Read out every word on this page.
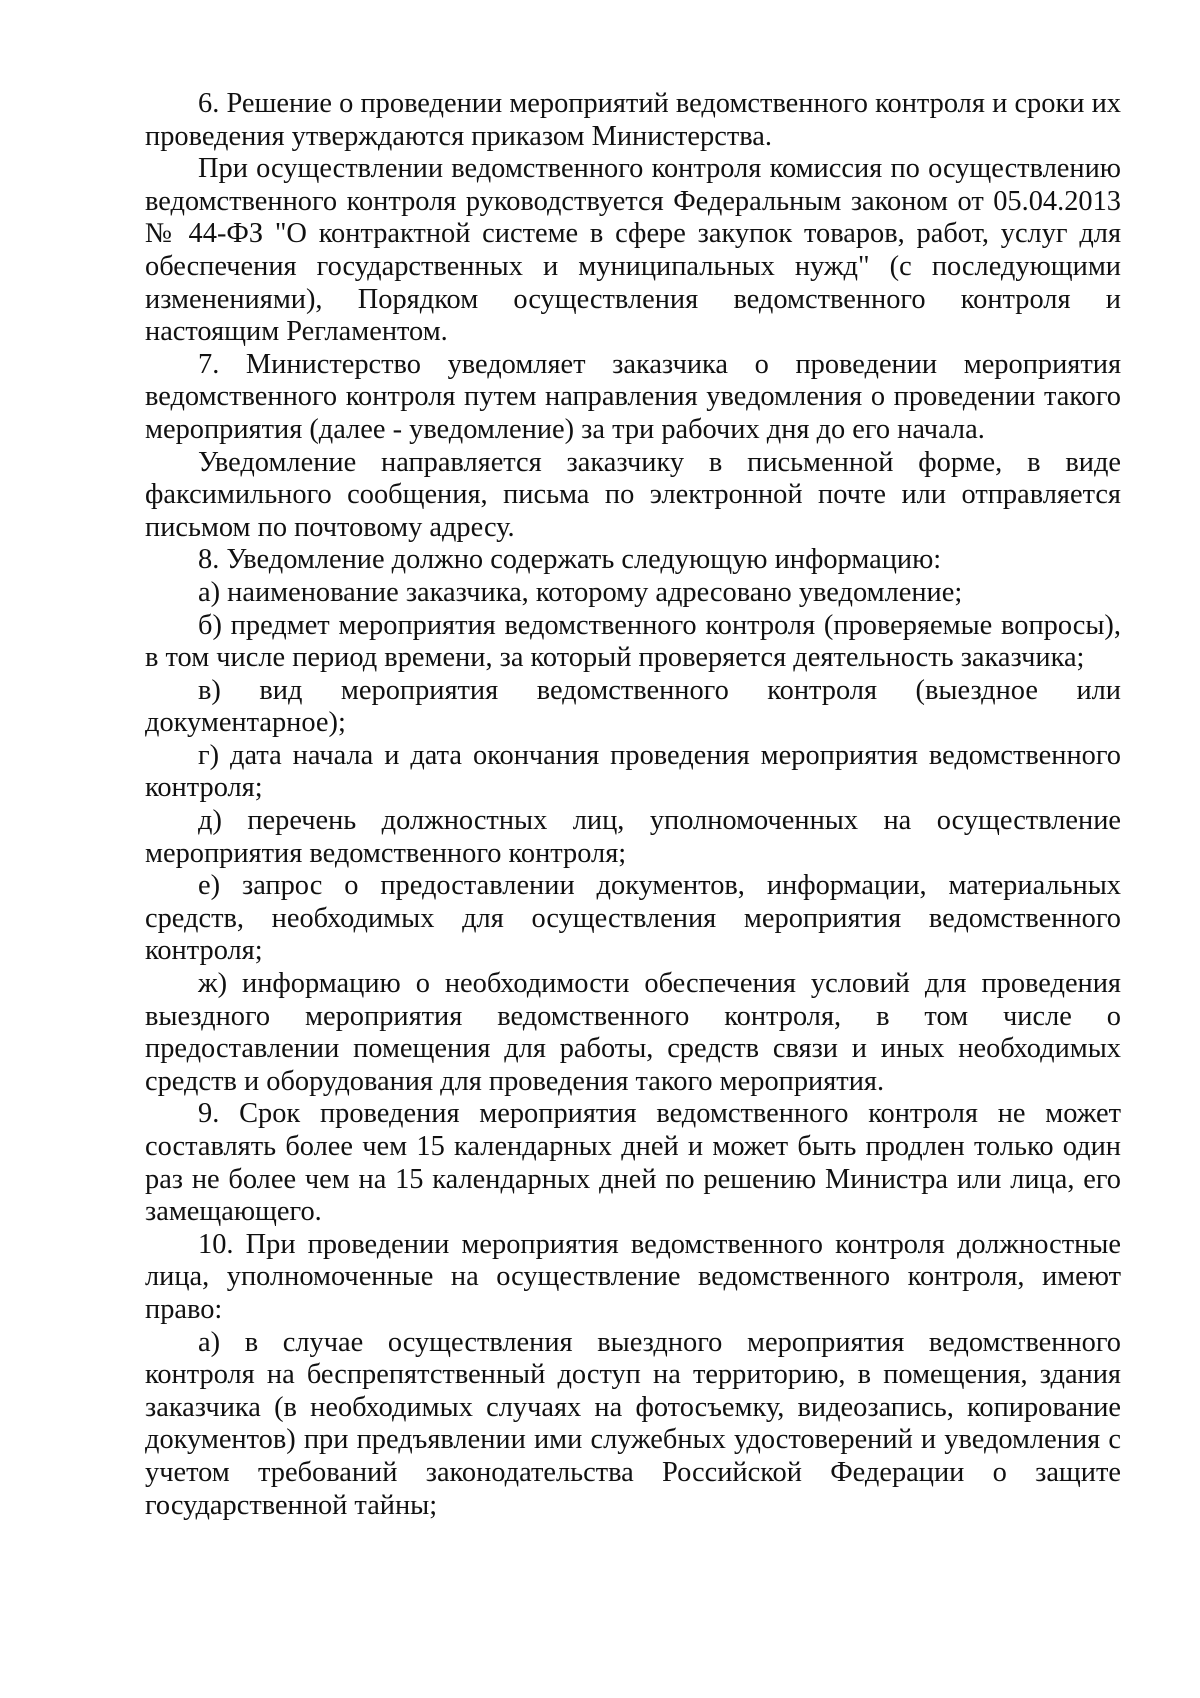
6. Решение о проведении мероприятий ведомственного контроля и сроки их проведения утверждаются приказом Министерства.

При осуществлении ведомственного контроля комиссия по осуществлению ведомственного контроля руководствуется Федеральным законом от 05.04.2013 № 44-ФЗ "О контрактной системе в сфере закупок товаров, работ, услуг для обеспечения государственных и муниципальных нужд" (с последующими изменениями), Порядком осуществления ведомственного контроля и настоящим Регламентом.

7. Министерство уведомляет заказчика о проведении мероприятия ведомственного контроля путем направления уведомления о проведении такого мероприятия (далее - уведомление) за три рабочих дня до его начала.

Уведомление направляется заказчику в письменной форме, в виде факсимильного сообщения, письма по электронной почте или отправляется письмом по почтовому адресу.

8. Уведомление должно содержать следующую информацию:

а) наименование заказчика, которому адресовано уведомление;

б) предмет мероприятия ведомственного контроля (проверяемые вопросы), в том числе период времени, за который проверяется деятельность заказчика;

в) вид мероприятия ведомственного контроля (выездное или документарное);

г) дата начала и дата окончания проведения мероприятия ведомственного контроля;

д) перечень должностных лиц, уполномоченных на осуществление мероприятия ведомственного контроля;

е) запрос о предоставлении документов, информации, материальных средств, необходимых для осуществления мероприятия ведомственного контроля;

ж) информацию о необходимости обеспечения условий для проведения выездного мероприятия ведомственного контроля, в том числе о предоставлении помещения для работы, средств связи и иных необходимых средств и оборудования для проведения такого мероприятия.

9. Срок проведения мероприятия ведомственного контроля не может составлять более чем 15 календарных дней и может быть продлен только один раз не более чем на 15 календарных дней по решению Министра или лица, его замещающего.

10. При проведении мероприятия ведомственного контроля должностные лица, уполномоченные на осуществление ведомственного контроля, имеют право:

а) в случае осуществления выездного мероприятия ведомственного контроля на беспрепятственный доступ на территорию, в помещения, здания заказчика (в необходимых случаях на фотосъемку, видеозапись, копирование документов) при предъявлении ими служебных удостоверений и уведомления с учетом требований законодательства Российской Федерации о защите государственной тайны;
